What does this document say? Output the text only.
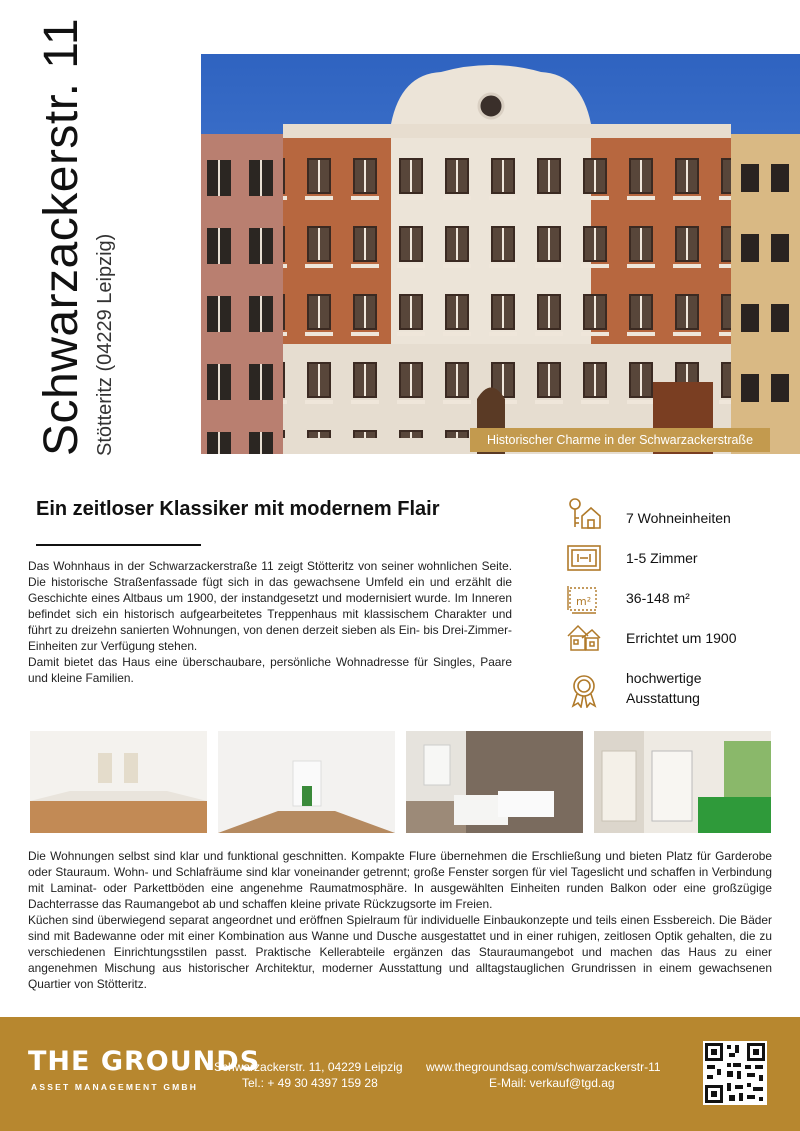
Schwarzackerstr. 11 Stötteritz (04229 Leipzig)	Historischer Charme in der Schwarzackerstraße
Ein zeitloser Klassiker mit modernem Flair
Das Wohnhaus in der Schwarzackerstraße 11 zeigt Stötteritz von seiner wohnlichen Seite. Die historische Straßenfassade fügt sich in das gewachsene Umfeld ein und erzählt die Geschichte eines Altbaus um 1900, der instandgesetzt und modernisiert wurde. Im Inneren befindet sich ein historisch aufgearbeitetes Treppenhaus mit klassischem Charakter und führt zu dreizehn sanierten Wohnungen, von denen derzeit sieben als Ein- bis Drei-Zimmer-Einheiten zur Verfügung stehen.
Damit bietet das Haus eine überschaubare, persönliche Wohnadresse für Singles, Paare und kleine Familien.
7 Wohneinheiten
1-5 Zimmer
m² 36-148 m²
Errichtet um 1900
hochwertige
Ausstattung
Die Wohnungen selbst sind klar und funktional geschnitten. Kompakte Flure übernehmen die Erschließung und bieten Platz für Garderobe oder Stauraum. Wohn- und Schlafräume sind klar voneinander getrennt; große Fenster sorgen für viel Tageslicht und schaffen in Verbindung mit Laminat- oder Parkettböden eine angenehme Raumatmosphäre. In ausgewählten Einheiten runden Balkon oder eine großzügige Dachterrasse das Raumangebot ab und schaffen kleine private Rückzugsorte im Freien.
Küchen sind überwiegend separat angeordnet und eröffnen Spielraum für individuelle Einbaukonzepte und teils einen Essbereich. Die Bäder sind mit Badewanne oder mit einer Kombination aus Wanne und Dusche ausgestattet und in einer ruhigen, zeitlosen Optik gehalten, die zu verschiedenen Einrichtungsstilen passt. Praktische Kellerabteile ergänzen das Stauraumangebot und machen das Haus zu einer angenehmen Mischung aus historischer Architektur, moderner Ausstattung und alltagstauglichen Grundrissen in einem gewachsenen Quartier von Stötteritz.
THE GROUNDS
ASSET MANAGEMENT GMBH
Schwarzackerstr. 11, 04229 Leipzig
Tel.: + 49 30 4397 159 28
www.thegroundsag.com/schwarzackerstr-11
E-Mail: verkauf@tgd.ag
